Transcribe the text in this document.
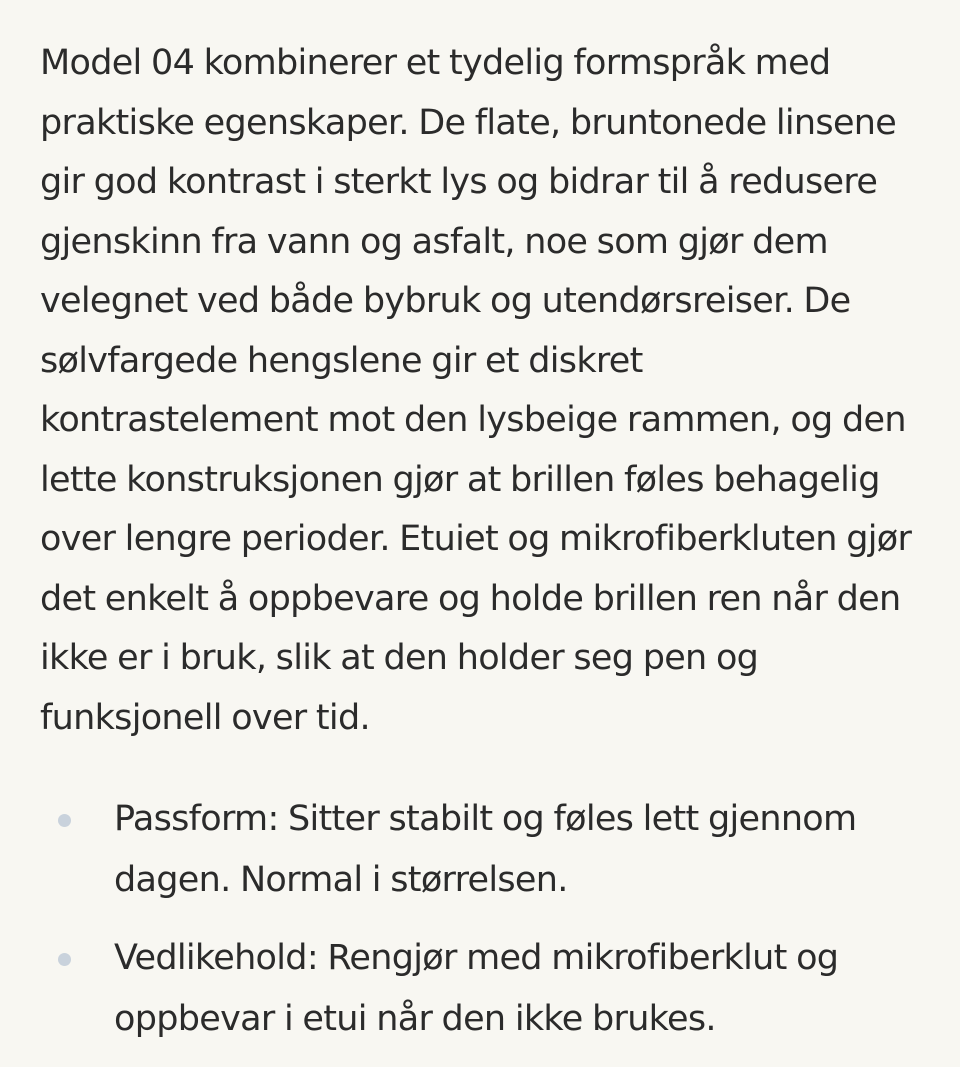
Model 04 kombinerer et tydelig formspråk med praktiske egenskaper. De flate, bruntonede linsene gir god kontrast i sterkt lys og bidrar til å redusere gjenskinn fra vann og asfalt, noe som gjør dem velegnet ved både bybruk og utendørsreiser. De sølvfargede hengslene gir et diskret kontrastelement mot den lysbeige rammen, og den lette konstruksjonen gjør at brillen føles behagelig over lengre perioder. Etuiet og mikrofiberkluten gjør det enkelt å oppbevare og holde brillen ren når den ikke er i bruk, slik at den holder seg pen og funksjonell over tid.

Passform: Sitter stabilt og føles lett gjennom dagen. Normal i størrelsen.
Vedlikehold: Rengjør med mikrofiberklut og oppbevar i etui når den ikke brukes.
